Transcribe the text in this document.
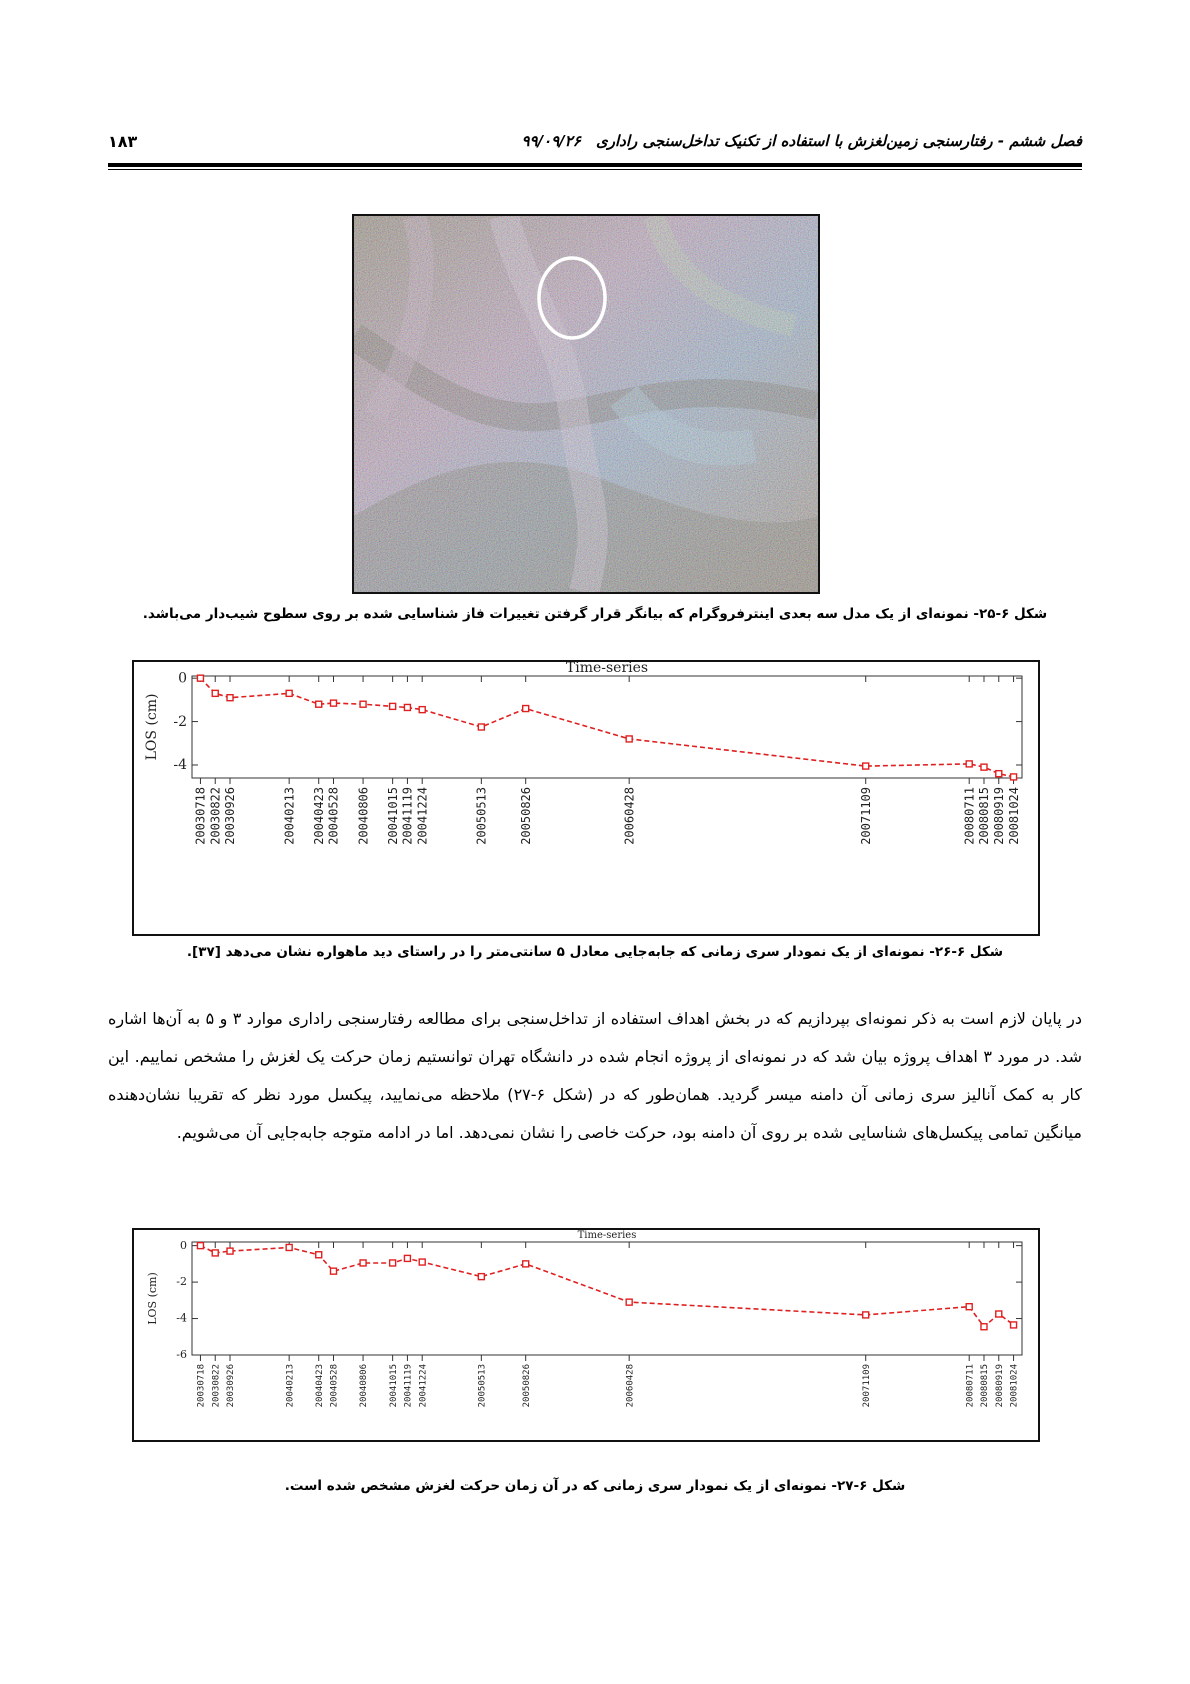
فصل ششم - رفتارسنجی زمین‌لغزش با استفاده از تکنیک تداخل‌سنجی راداری ۹۹/۰۹/۲۶
۱۸۳
شکل ۶-۲۵- نمونه‌ای از یک مدل سه بعدی اینترفروگرام که بیانگر قرار گرفتن تغییرات فاز شناسایی شده بر روی سطوح شیب‌دار می‌باشد.
Time-series
LOS (cm)
0
-2
-4
20030718 20030822 20030926	20040213 20040423 20040528 20040806 20041015 20041119 20041224	20050513	20050826	20060428	20071109	20080711 20080815 20080919 20081024
شکل ۶-۲۶- نمونه‌ای از یک نمودار سری زمانی که جابه‌جایی معادل ۵ سانتی‌متر را در راستای دید ماهواره نشان می‌دهد [۳۷].
در پایان لازم است به ذکر نمونه‌ای بپردازیم که در بخش اهداف استفاده از تداخل‌سنجی برای مطالعه رفتارسنجی راداری موارد ۳ و ۵ به آن‌ها اشاره شد. در مورد ۳ اهداف پروژه بیان شد که در نمونه‌ای از پروژه انجام شده در دانشگاه تهران توانستیم زمان حرکت یک لغزش را مشخص نماییم. این کار به کمک آنالیز سری زمانی آن دامنه میسر گردید. همان‌طور که در (شکل ۶-۲۷) ملاحظه می‌نمایید، پیکسل مورد نظر که تقریبا نشان‌دهنده میانگین تمامی پیکسل‌های شناسایی شده بر روی آن دامنه بود، حرکت خاصی را نشان نمی‌دهد. اما در ادامه متوجه جابه‌جایی آن می‌شویم.
Time-series
LOS (cm)
0
-2
-4
-6
20030718 20030822 20030926	20040213 20040423 20040528 20040806 20041015 20041119 20041224	20050513	20050826	20060428	20071109	20080711 20080815 20080919 20081024
شکل ۶-۲۷- نمونه‌ای از یک نمودار سری زمانی که در آن زمان حرکت لغزش مشخص شده است.
